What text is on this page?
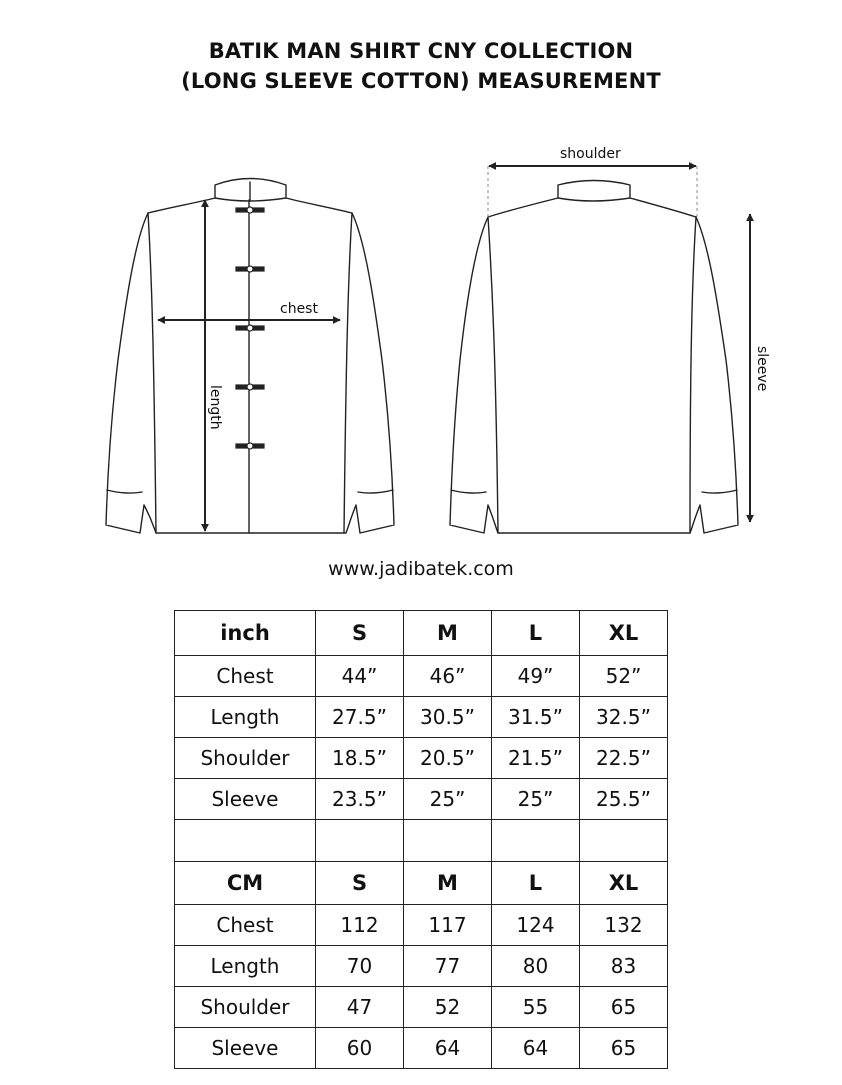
BATIK MAN SHIRT CNY COLLECTION
(LONG SLEEVE COTTON) MEASUREMENT
chest
length
shoulder
sleeve
www.jadibatek.com
inch	S	M	L	XL
Chest	44”	46”	49”	52”
Length	27.5”	30.5”	31.5”	32.5”
Shoulder	18.5”	20.5”	21.5”	22.5”
Sleeve	23.5”	25”	25”	25.5”

CM	S	M	L	XL
Chest	112	117	124	132
Length	70	77	80	83
Shoulder	47	52	55	65
Sleeve	60	64	64	65
